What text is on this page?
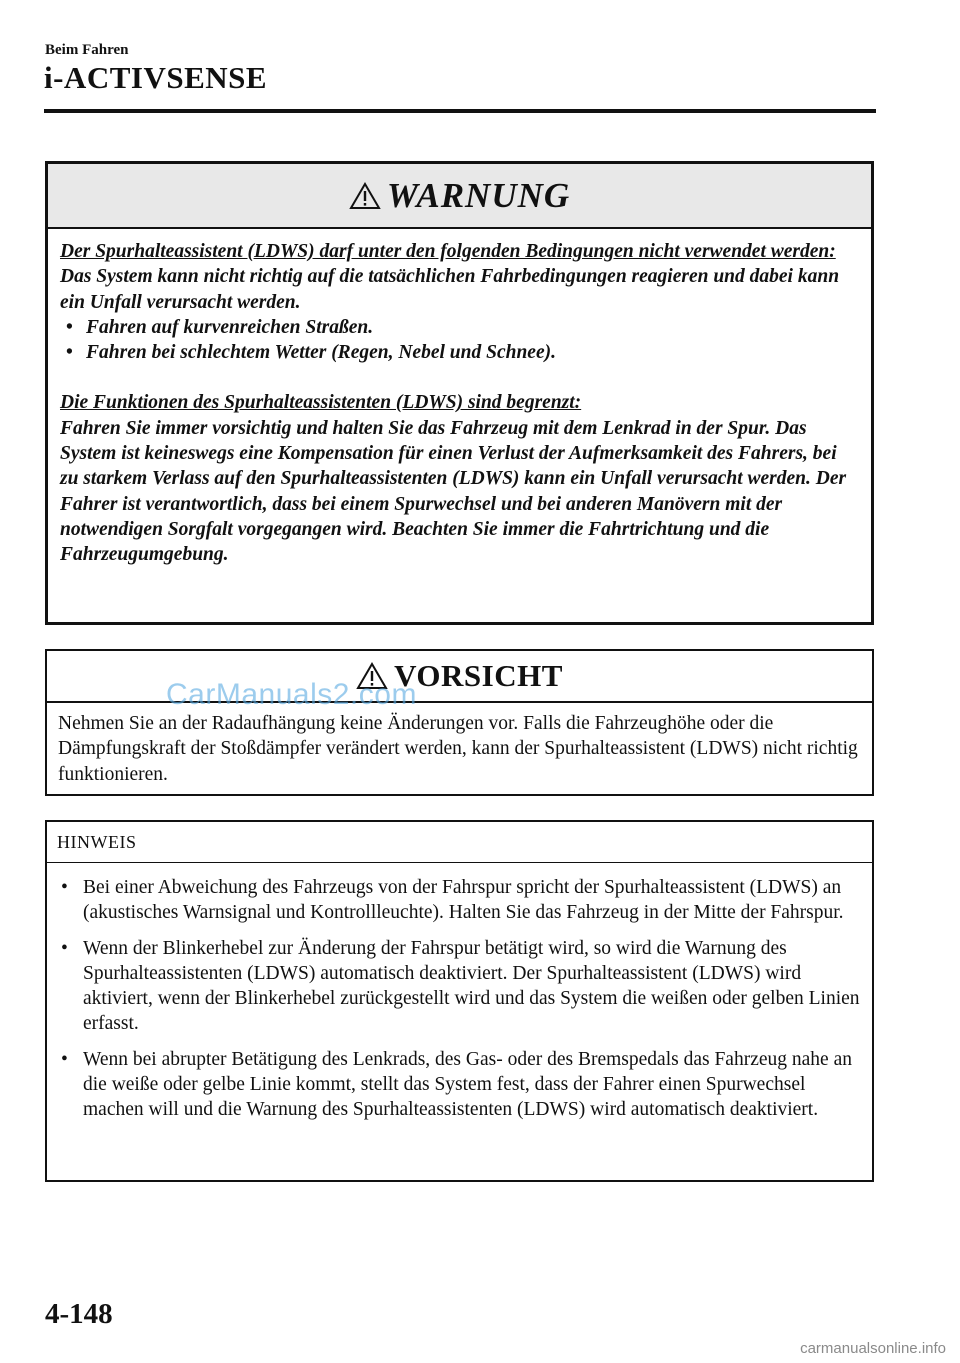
Beim Fahren
i-ACTIVSENSE
WARNUNG

Der Spurhalteassistent (LDWS) darf unter den folgenden Bedingungen nicht verwendet werden:

Das System kann nicht richtig auf die tatsächlichen Fahrbedingungen reagieren und dabei kann ein Unfall verursacht werden.

• Fahren auf kurvenreichen Straßen.
• Fahren bei schlechtem Wetter (Regen, Nebel und Schnee).

Die Funktionen des Spurhalteassistenten (LDWS) sind begrenzt:

Fahren Sie immer vorsichtig und halten Sie das Fahrzeug mit dem Lenkrad in der Spur. Das System ist keineswegs eine Kompensation für einen Verlust der Aufmerksamkeit des Fahrers, bei zu starkem Verlass auf den Spurhalteassistenten (LDWS) kann ein Unfall verursacht werden. Der Fahrer ist verantwortlich, dass bei einem Spurwechsel und bei anderen Manövern mit der notwendigen Sorgfalt vorgegangen wird. Beachten Sie immer die Fahrtrichtung und die Fahrzeugumgebung.

VORSICHT

Nehmen Sie an der Radaufhängung keine Änderungen vor. Falls die Fahrzeughöhe oder die Dämpfungskraft der Stoßdämpfer verändert werden, kann der Spurhalteassistent (LDWS) nicht richtig funktionieren.

CarManuals2.com
HINWEIS
• Bei einer Abweichung des Fahrzeugs von der Fahrspur spricht der Spurhalteassistent (LDWS) an (akustisches Warnsignal und Kontrollleuchte). Halten Sie das Fahrzeug in der Mitte der Fahrspur.
• Wenn der Blinkerhebel zur Änderung der Fahrspur betätigt wird, so wird die Warnung des Spurhalteassistenten (LDWS) automatisch deaktiviert. Der Spurhalteassistent (LDWS) wird aktiviert, wenn der Blinkerhebel zurückgestellt wird und das System die weißen oder gelben Linien erfasst.
• Wenn bei abrupter Betätigung des Lenkrads, des Gas- oder des Bremspedals das Fahrzeug nahe an die weiße oder gelbe Linie kommt, stellt das System fest, dass der Fahrer einen Spurwechsel machen will und die Warnung des Spurhalteassistenten (LDWS) wird automatisch deaktiviert.
4-148
carmanualsonline.info
